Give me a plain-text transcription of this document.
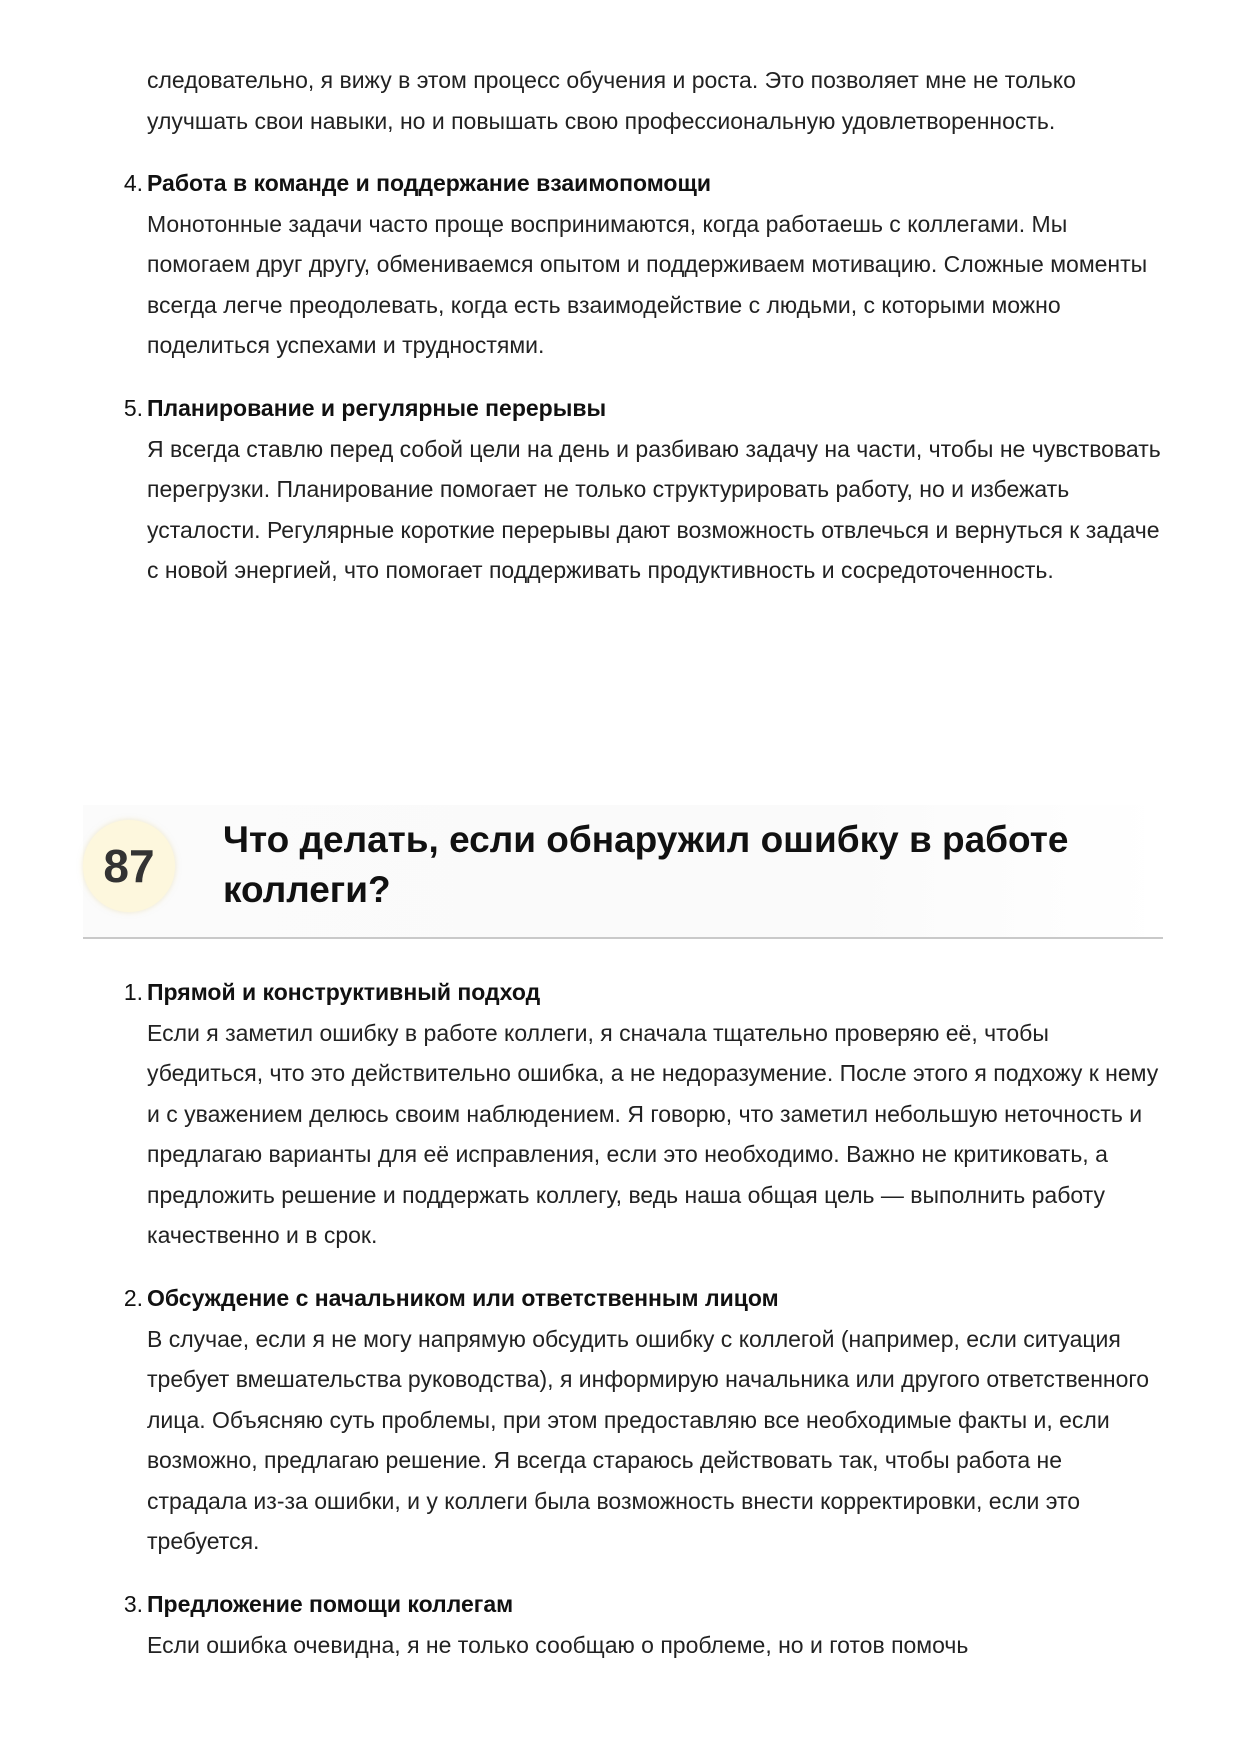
следовательно, я вижу в этом процесс обучения и роста. Это позволяет мне не только улучшать свои навыки, но и повышать свою профессиональную удовлетворенность.
4. Работа в команде и поддержание взаимопомощи
Монотонные задачи часто проще воспринимаются, когда работаешь с коллегами. Мы помогаем друг другу, обмениваемся опытом и поддерживаем мотивацию. Сложные моменты всегда легче преодолевать, когда есть взаимодействие с людьми, с которыми можно поделиться успехами и трудностями.
5. Планирование и регулярные перерывы
Я всегда ставлю перед собой цели на день и разбиваю задачу на части, чтобы не чувствовать перегрузки. Планирование помогает не только структурировать работу, но и избежать усталости. Регулярные короткие перерывы дают возможность отвлечься и вернуться к задаче с новой энергией, что помогает поддерживать продуктивность и сосредоточенность.
87
Что делать, если обнаружил ошибку в работе коллеги?
1. Прямой и конструктивный подход
Если я заметил ошибку в работе коллеги, я сначала тщательно проверяю её, чтобы убедиться, что это действительно ошибка, а не недоразумение. После этого я подхожу к нему и с уважением делюсь своим наблюдением. Я говорю, что заметил небольшую неточность и предлагаю варианты для её исправления, если это необходимо. Важно не критиковать, а предложить решение и поддержать коллегу, ведь наша общая цель — выполнить работу качественно и в срок.
2. Обсуждение с начальником или ответственным лицом
В случае, если я не могу напрямую обсудить ошибку с коллегой (например, если ситуация требует вмешательства руководства), я информирую начальника или другого ответственного лица. Объясняю суть проблемы, при этом предоставляю все необходимые факты и, если возможно, предлагаю решение. Я всегда стараюсь действовать так, чтобы работа не страдала из-за ошибки, и у коллеги была возможность внести корректировки, если это требуется.
3. Предложение помощи коллегам
Если ошибка очевидна, я не только сообщаю о проблеме, но и готов помочь
